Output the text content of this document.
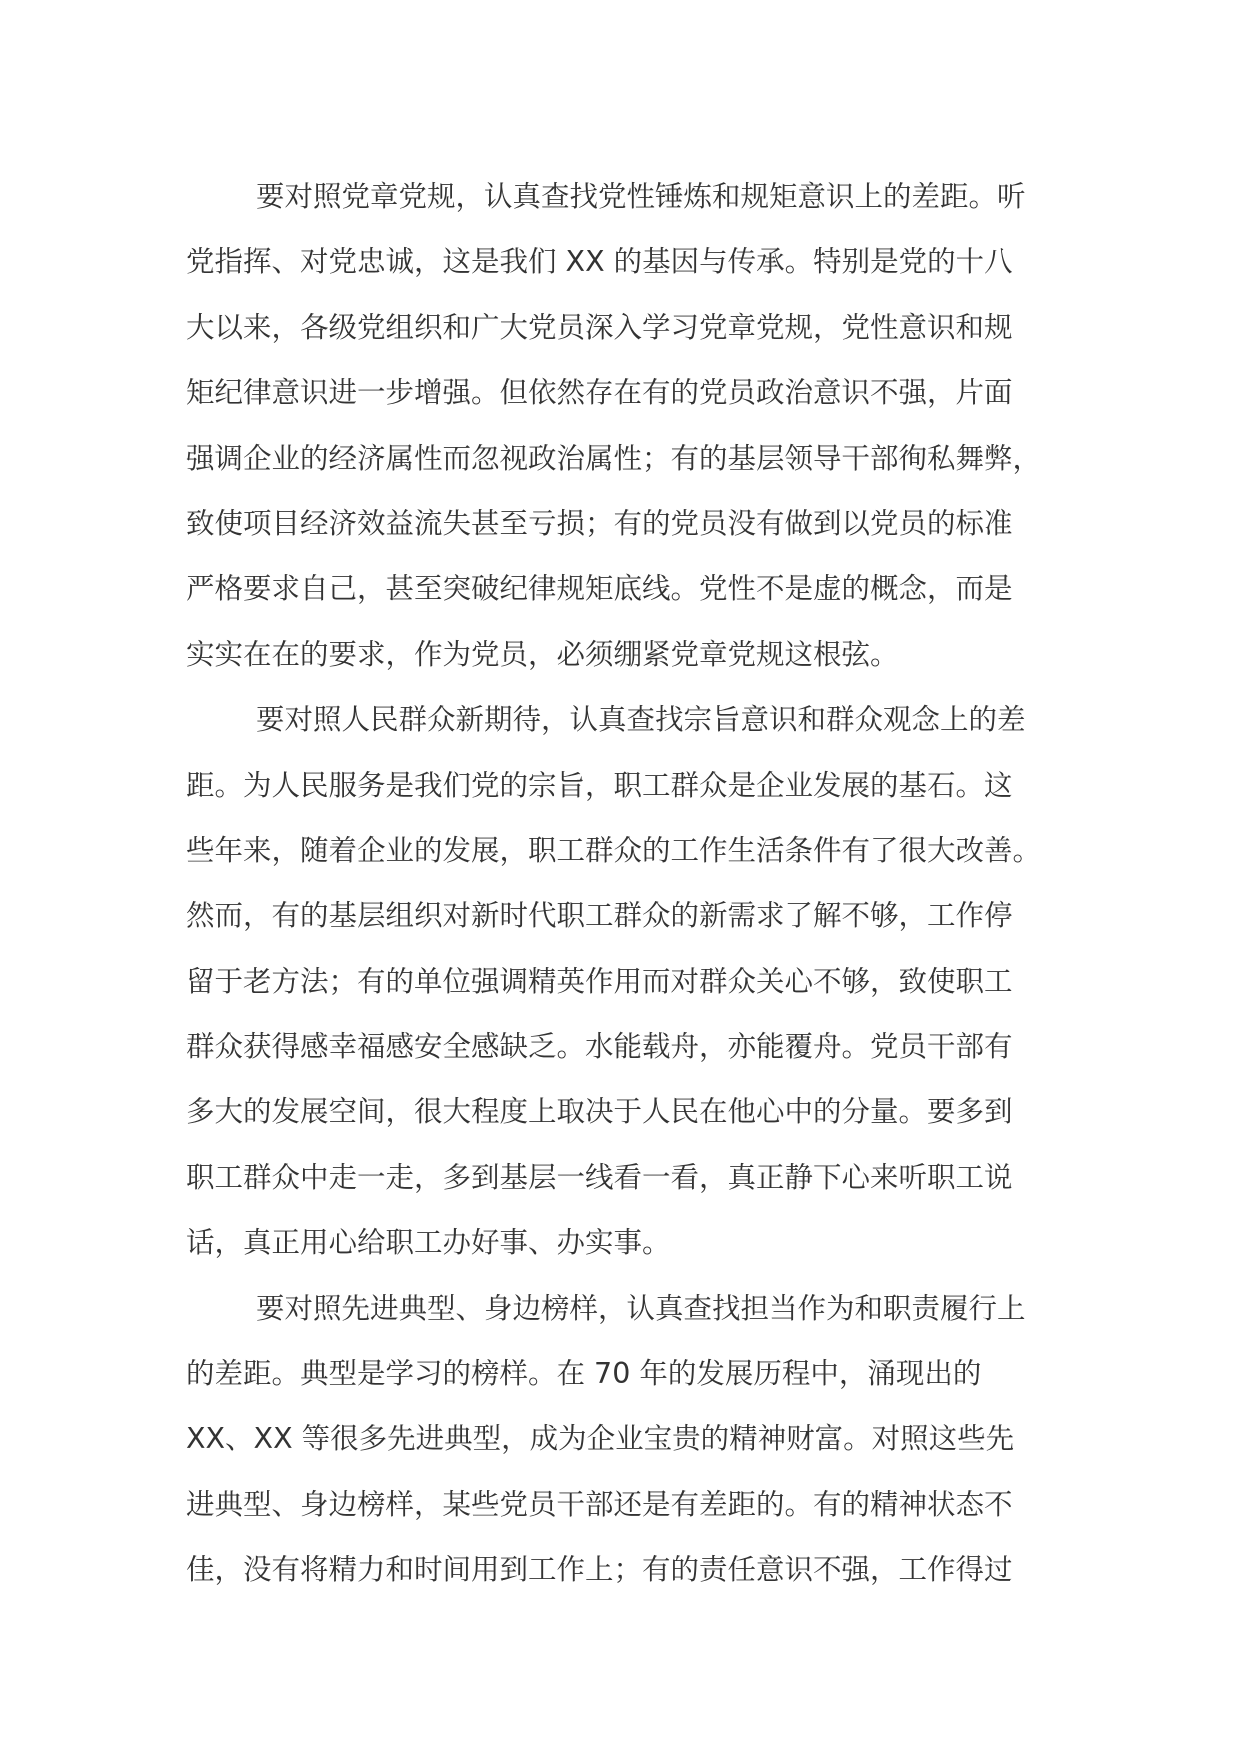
要对照党章党规，认真查找党性锤炼和规矩意识上的差距。听
党指挥、对党忠诚，这是我们 XX 的基因与传承。特别是党的十八
大以来，各级党组织和广大党员深入学习党章党规，党性意识和规
矩纪律意识进一步增强。但依然存在有的党员政治意识不强，片面
强调企业的经济属性而忽视政治属性；有的基层领导干部徇私舞弊，
致使项目经济效益流失甚至亏损；有的党员没有做到以党员的标准
严格要求自己，甚至突破纪律规矩底线。党性不是虚的概念，而是
实实在在的要求，作为党员，必须绷紧党章党规这根弦。
要对照人民群众新期待，认真查找宗旨意识和群众观念上的差
距。为人民服务是我们党的宗旨，职工群众是企业发展的基石。这
些年来，随着企业的发展，职工群众的工作生活条件有了很大改善。
然而，有的基层组织对新时代职工群众的新需求了解不够，工作停
留于老方法；有的单位强调精英作用而对群众关心不够，致使职工
群众获得感幸福感安全感缺乏。水能载舟，亦能覆舟。党员干部有
多大的发展空间，很大程度上取决于人民在他心中的分量。要多到
职工群众中走一走，多到基层一线看一看，真正静下心来听职工说
话，真正用心给职工办好事、办实事。
要对照先进典型、身边榜样，认真查找担当作为和职责履行上
的差距。典型是学习的榜样。在 70 年的发展历程中，涌现出的
XX、XX 等很多先进典型，成为企业宝贵的精神财富。对照这些先
进典型、身边榜样，某些党员干部还是有差距的。有的精神状态不
佳，没有将精力和时间用到工作上；有的责任意识不强，工作得过
